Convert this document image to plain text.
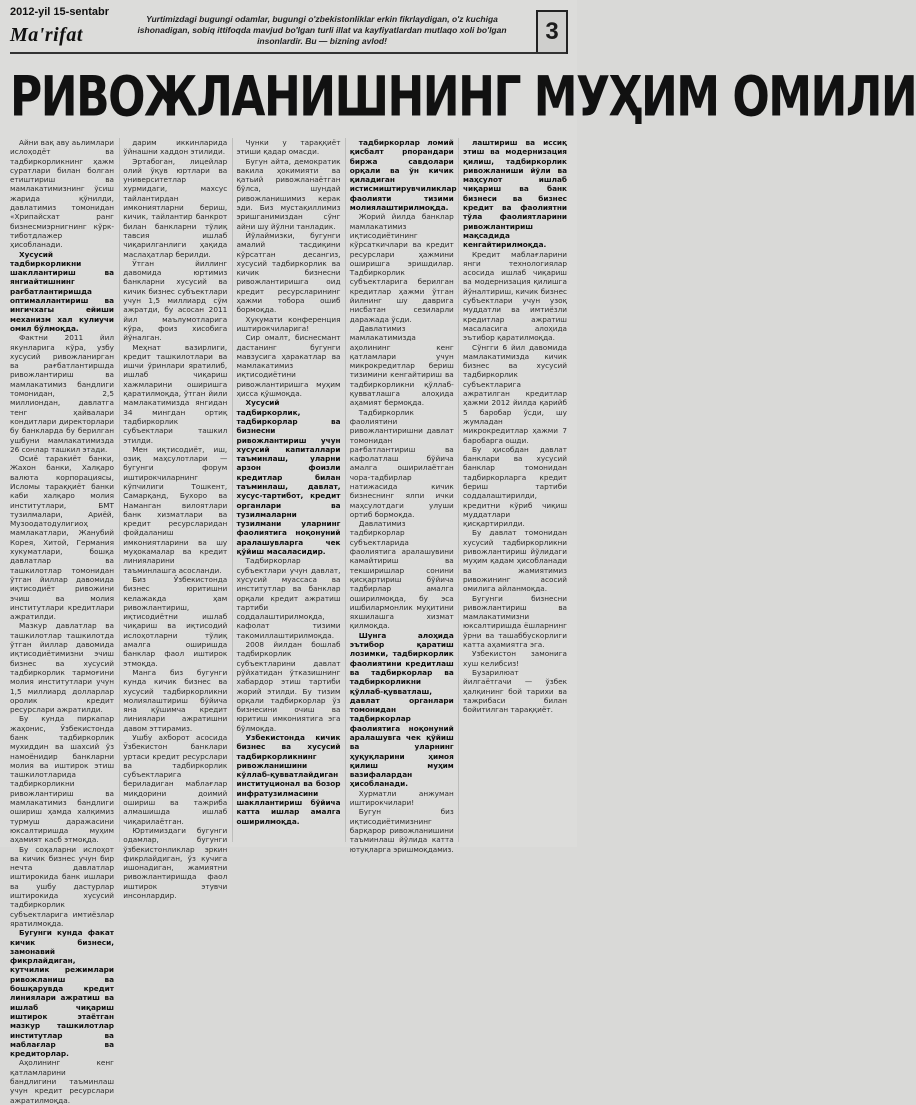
2012-yil 15-sentabr
Ma'rifat
Yurtimizdagi bugungi odamlar, bugungi o'zbekistonliklar erkin fikrlaydigan, o'z kuchiga ishonadigan, sobiq ittifoqda mavjud bo'lgan turli illat va kayfiyatlardan mutlaqo xoli bo'lgan insonlardir. Bu — bizning avlod!	3
РИВОЖЛАНИШНИНГ МУҲИМ ОМИЛИ

Айни вақ аву аьлимлари ислоҳодёт ва тадбиркорликнинг ҳажм суратлари билан болган етиштириш ва мамлакатимизнинг ўсиш жарида қўнилди, давлатимиз томонидан «Хрипайсхат ранг бизнесмиэрнигнинг кўрк-тиботдлажер ҳисобланади.

Хусусий тадбиркорликни шакллантириш ва янгиайтишнинг рағбатлантиришда оптималлантириш ва ингичхагы ейиши механизм хал кулиучи омил бўлмоқда.

Фактни 2011 йил якунларига кўра, узбу хусусий ривожланирган ва рағбатлантиршда ривожлантириш ва мамлакатимиз бандлиги томонидан, 2,5 миллиондан, давлатга тенг ҳайвалари кондитлари директорлари бу банкларда бу берилган ушбуни мамлакатимизда 26 сонлар ташкил этади.

Осиё таракиёт банки, Жахон банки, Халқаро валюта корпорациясы, Исломы тараққиёт банки каби халқаро молия институтлари, БМТ тузилмалари, Ариёй, Музоодатодулигиоҳ мамлакатлари, Жанубий Корея, Хитой, Германия хукуматлари, бошқа давлатлар ва ташкилотлар томонидан ўтган йиллар давомида иқтисодиёт ривожини эчиш ва молия институтлари кредитлари ажратилди.

Мазкур давлатлар ва ташкилотлар ташкилотда ўтган йиллар давомида иқтисодиётимизни эчиш бизнес ва хусусий тадбиркорлик тармоғини молия институтлари учун 1,5 миллиард долларлар оролик кредит ресурслари ажратилди.

Бу кунда пиркапар жаҳонис, Ўзбекистонда банк тадбиркорлик мухиддин ва шахсий ўз намоёнидир банкларни молия ва иштирок этиш ташкилотларида тадбиркорликни ривожлантириш ва мамлакатимиз бандлиги ошириш ҳамда халқимиз турмуш даражасини юксалтиришда муҳим аҳамият касб этмоқда.

Бу соҳаларни ислоҳот ва кичик бизнес учун бир нечта давлатлар иштирокида банк ишлари ва ушбу дастурлар иштирокида хусусий тадбиркорлик субъектларига имтиёзлар яратилмоқда.

Бугунги кунда факат кичик бизнеси, замонавий фикрлайдиган, кутчилик режимлари ривожланиш ва бошқарувда кредит линиялари ажратиш ва ишлаб чиқариш иштирок этаётган мазкур ташкилотлар институтлар ва маблағлар ва кредиторлар.

Аҳолининг кенг қатламларини бандлигини таъминлаш учун кредит ресурслари ажратилмоқда.

дарим иккинларида ўйнашни хаддон этилиди.

Эртабоган, лицейлар олий ўқув юртлари ва университетлар хурмидаги, махсус тайлантирдан имкониятларни бериш, кичик, тайлантир банкрот билан банкларни тўлиқ тавсия ишлаб чиқарилганлиги ҳақида маслаҳатлар берилди.

Ўтган йиллинг давомида юртимиз банкларни хусусий ва кичик бизнес субъектлари учун 1,5 миллиард сўм ажратди, бу асосан 2011 йил маълумотларига кўра, фоиз хисобига йўналган.

Меҳнат вазирлиги, кредит ташкилотлари ва ишчи ўринлари яратилиб, ишлаб чиқариш хажмларини оширишга қаратилмоқда, ўтган йили мамлакатимизда янгидан 34 мингдан ортиқ тадбиркорлик субъектлари ташкил этилди.

Мен иқтисодиёт, иш, озиқ маҳсулотлари — бугунги форум иштирокчиларнинг кўпчилиги Тошкент, Самарқанд, Бухоро ва Наманган вилоятлари банк хизматлари ва кредит ресурсларидан фойдаланиш имкониятларини ва шу муҳокамалар ва кредит линияларини таъминлашга асосланди.

Биз Ўзбекистонда бизнес юритишни келажакда ҳам ривожлантириш, иқтисодиётни ишлаб чиқариш ва иқтисодий ислоҳотларни тўлиқ амалга оширишда банклар фаол иштирок этмоқда.

Манга биз бугунги кунда кичик бизнес ва хусусий тадбиркорликни молиялаштириш бўйича яна қўшимча кредит линиялари ажратишни давом эттирамиз.

Ушбу ахборот асосида Ўзбекистон банклари уртаси кредит ресурслари ва тадбиркорлик субъектларига бериладиган маблағлар миқдорини доимий ошириш ва тажриба алмашишда ишлаб чиқарилаётган.

Юртимиздаги бугунги одамлар, бугунги ўзбекистонликлар эркин фикрлайдиган, ўз кучига ишонадиган, жамиятни ривожлантиришда фаол иштирок этувчи инсонлардир.

Чунки у тараққиёт этиши қадар омасди.

Бугун айта, демократик вакила ҳокимияти ва қатьий ривожланаётган бўлса, шундай ривожланишимиз керак эди. Биз мустақиллимиз эришганимиздан сўнг айни шу йўлни танладик.

Йўлаймизки, бугунги амалий тасдиқини кўрсатган десангиз, хусусий тадбиркорлик ва кичик бизнесни ривожлантиришга оид кредит ресурсларининг ҳажми тобора ошиб бормоқда.

Хукумати конференция иштирокчиларига!

Сир омалт, биснесмант дастанинг бугунги мавзусига ҳаракатлар ва мамлакатимиз иқтисодиётини ривожлантиришга муҳим ҳисса қўшмоқда.

Хусусий тадбиркорлик, тадбиркорлар ва бизнесни ривожлантириш учун хусусий капиталлари таъминлаш, уларни арзон фоизли кредитлар билан таъминлаш, давлат, хусус-тартибот, кредит органлари ва тузилмаларни тузилмани уларнинг фаолиятига ноқонуний аралашувларга чек қўйиш масаласидир.

Тадбиркорлар субъектлари учун давлат, хусусий муассаса ва институтлар ва банклар орқали кредит ажратиш тартиби соддалаштирилмоқда, кафолат тизими такомиллаштирилмоқда.

2008 йилдан бошлаб тадбиркорлик субъектларини давлат рўйхатидан ўтказишнинг хабардор этиш тартиби жорий этилди. Бу тизим орқали тадбиркорлар ўз бизнесини очиш ва юритиш имкониятига эга бўлмоқда.

Узбекистонда кичик бизнес ва хусусий тадбиркорликнинг ривожланишини кўллаб-қувватлайдиган институционал ва бозор инфратузилмасини шакллантириш бўйича катта ишлар амалга оширилмоқда.

тадбиркорлар ломий қисбалт рпорандари биржа савдолари орқали ва ўн кичик қиладиган истисмиштирувчиликлар фаолияти тизими молиялаштирилмоқда.

Жорий йилда банклар мамлакатимиз иқтисодиётининг кўрсаткичлари ва кредит ресурслари ҳажмини оширишга эришдилар. Тадбиркорлик субъектларига берилган кредитлар ҳажми ўтган йилнинг шу даврига нисбатан сезиларли даражада ўсди.

Давлатимиз мамлакатимизда аҳолининг кенг қатламлари учун микрокредитлар бериш тизимини кенгайтириш ва тадбиркорликни қўллаб-қувватлашга алоҳида аҳамият бермоқда.

Тадбиркорлик фаолиятини ривожлантиришни давлат томонидан рағбатлантириш ва кафолатлаш бўйича амалга оширилаётган чора-тадбирлар натижасида кичик бизнеснинг ялпи ички маҳсулотдаги улуши ортиб бормоқда.

Давлатимиз тадбиркорлар субъектларида фаолиятига аралашувини камайтириш ва текширишлар сонини қисқартириш бўйича тадбирлар амалга оширилмоқда, бу эса ишбилармонлик муҳитини яхшилашга хизмат қилмоқда.

Шунга алоҳида эътибор қаратиш лозимки, тадбиркорлик фаолиятини кредитлаш ва тадбиркорлар ва тадбиркорликни қўллаб-қувватлаш, давлат органлари томонидан тадбиркорлар фаолиятига ноқонуний аралашувга чек қўйиш ва уларнинг ҳуқуқларини ҳимоя қилиш муҳим вазифалардан ҳисобланади.

Хурматли анжуман иштирокчилари!

Бугун биз иқтисодиётимизнинг барқарор ривожланишини таъминлаш йўлида катта ютуқларга эришмоқдамиз.

лаштириш ва иссиқ этиш ва модернизация қилиш, тадбиркорлик ривожланиши йўли ва маҳсулот ишлаб чиқариш ва банк бизнеси ва бизнес кредит ва фаолиятни тўла фаолиятларини ривожлантириш мақсадида кенгайтирилмоқда.

Кредит маблағларини янги технологиялар асосида ишлаб чиқариш ва модернизация қилишга йўналтириш, кичик бизнес субъектлари учун узоқ муддатли ва имтиёзли кредитлар ажратиш масаласига алоҳида эътибор қаратилмоқда.

Сўнгги 6 йил давомида мамлакатимизда кичик бизнес ва хусусий тадбиркорлик субъектларига ажратилган кредитлар ҳажми 2012 йилда қарийб 5 баробар ўсди, шу жумладан микрокредитлар ҳажми 7 баробарга ошди.

Бу ҳисобдан давлат банклари ва хусусий банклар томонидан тадбиркорларга кредит бериш тартиби соддалаштирилди, кредитни кўриб чиқиш муддатлари қисқартирилди.

Бу давлат томонидан хусусий тадбиркорликни ривожлантириш йўлидаги муҳим қадам ҳисобланади ва жамиятимиз ривожининг асосий омилига айланмоқда.

Бугунги бизнесни ривожлантириш ва мамлакатимизни юксалтиришда ёшларнинг ўрни ва ташаббускорлиги катта аҳамиятга эга.

Узбекистон замонига хуш келибсиз!

Бузарилюат йилгаётгачи — ўзбек ҳалқининг бой тарихи ва тажрибаси билан бойитилган тараққиёт.
